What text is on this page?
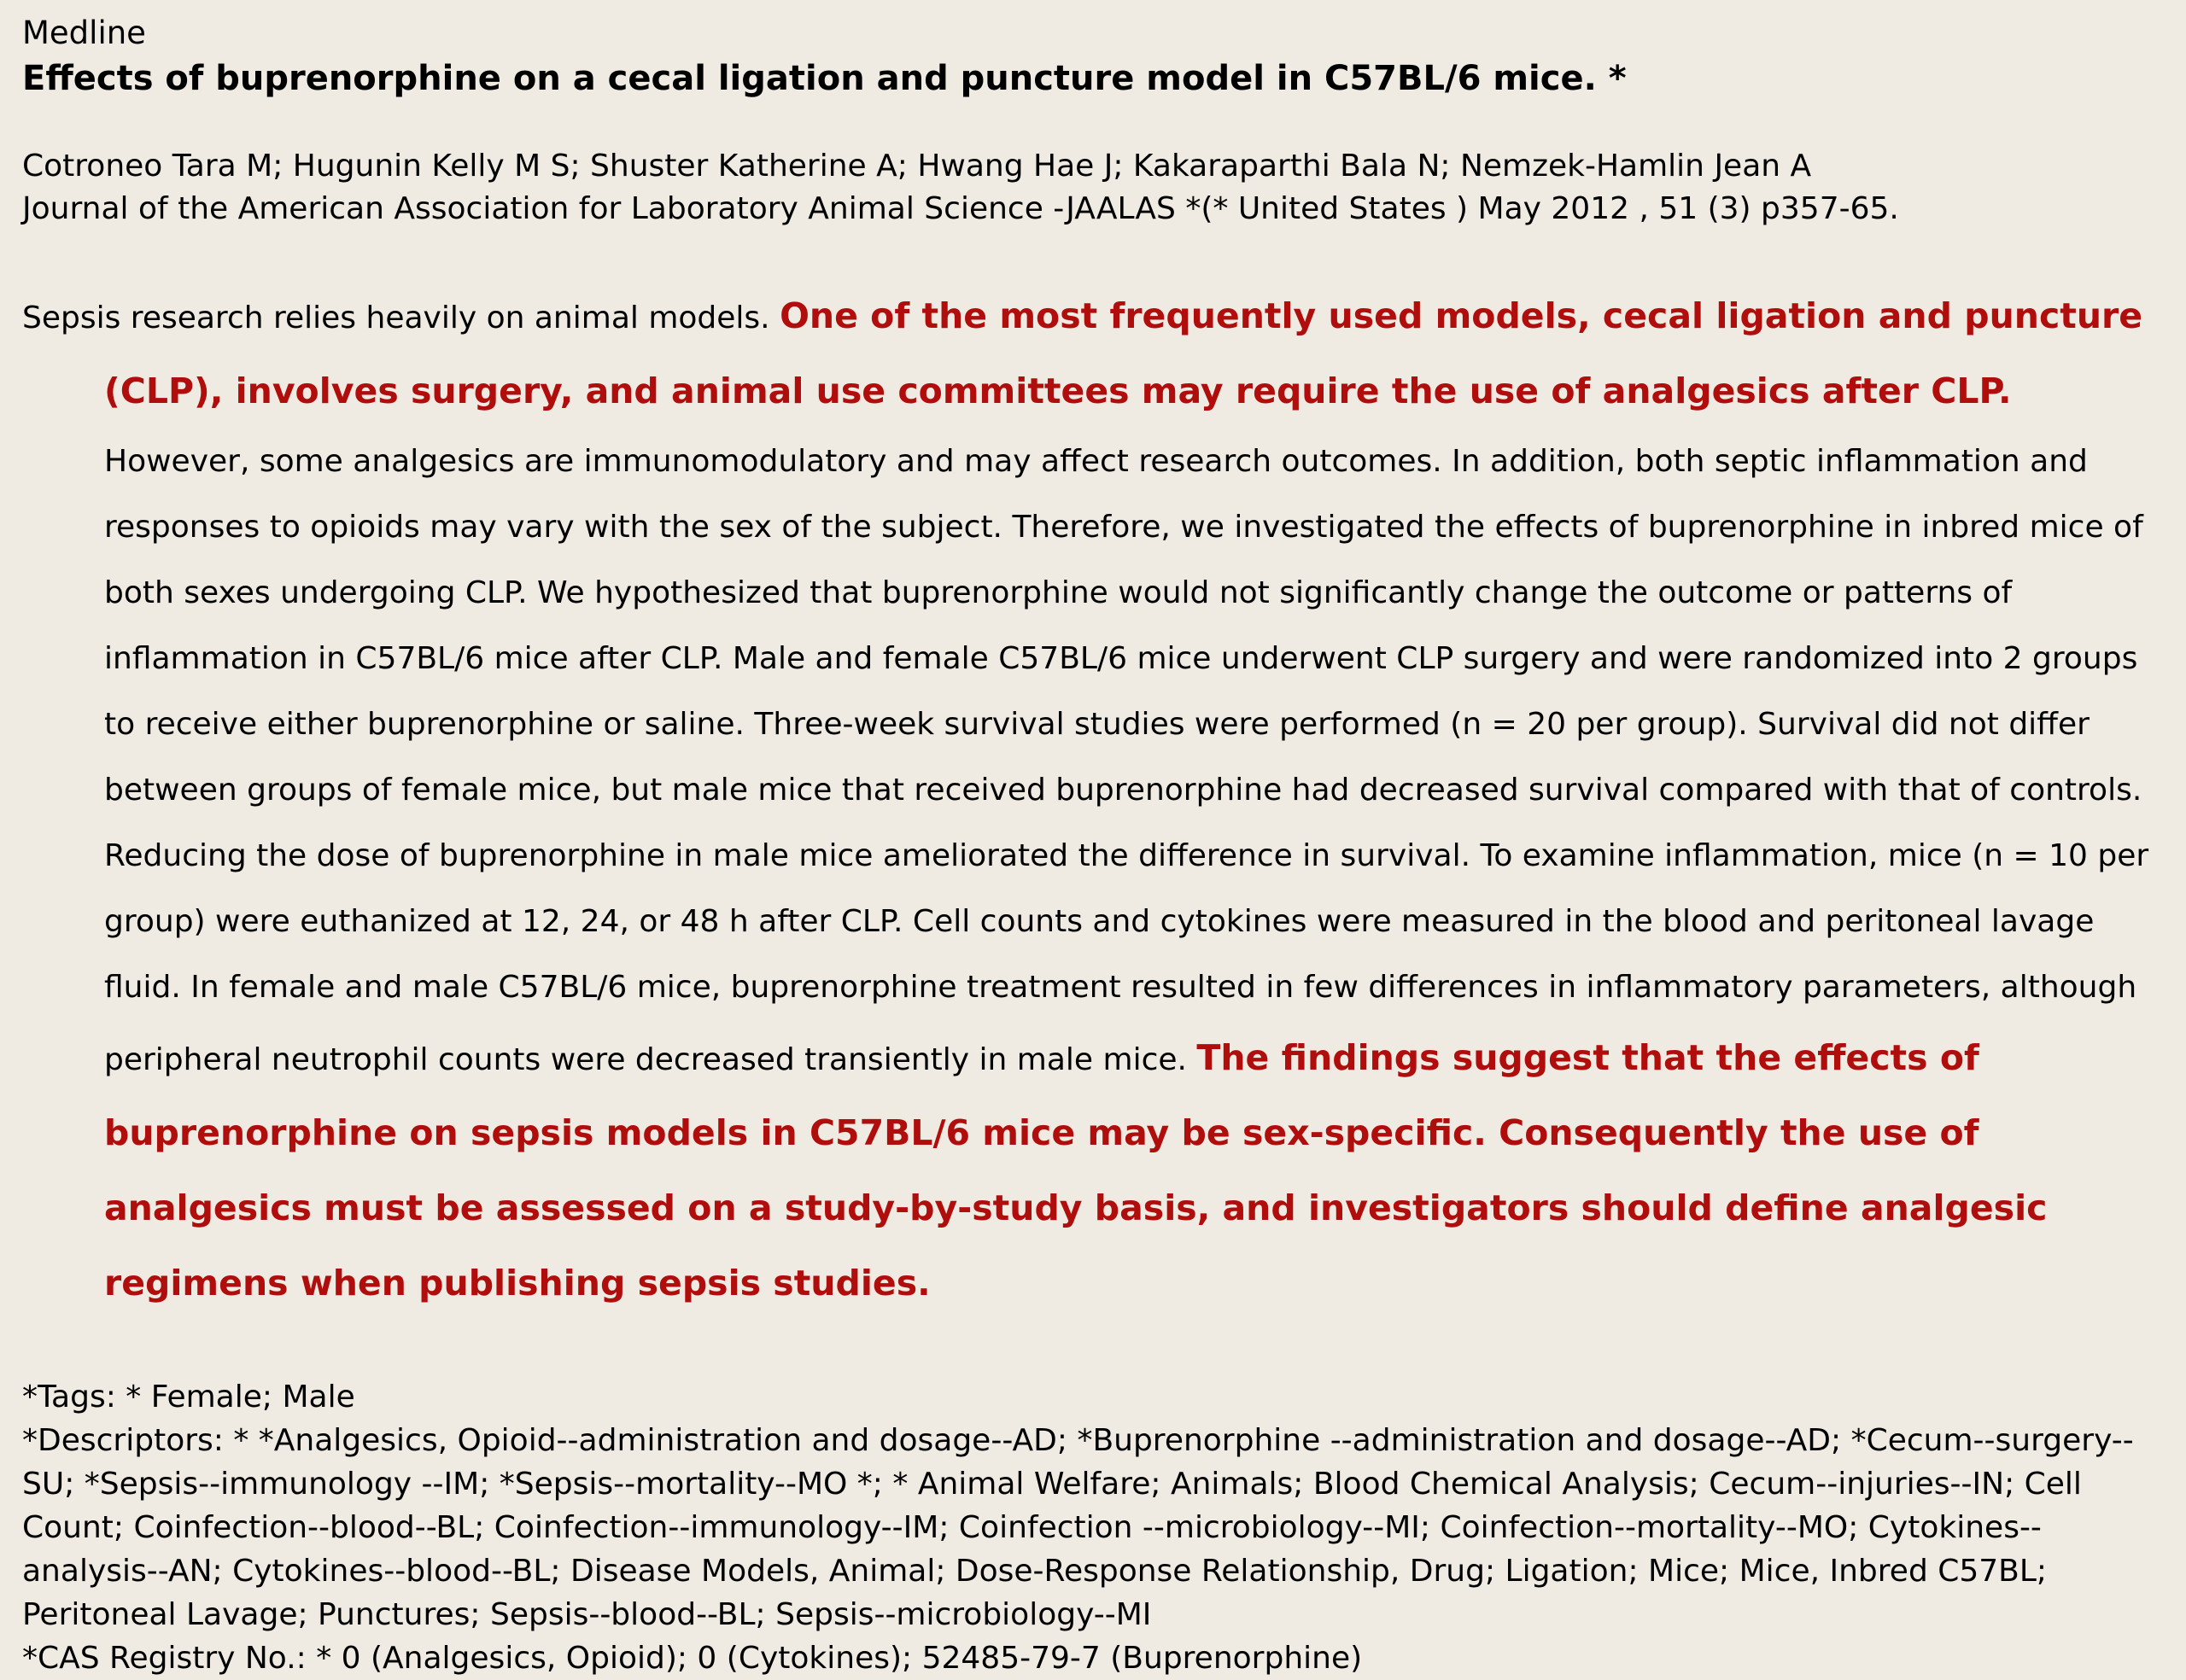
Medline
Effects of buprenorphine on a cecal ligation and puncture model in C57BL/6 mice. *
Cotroneo Tara M; Hugunin Kelly M S; Shuster Katherine A; Hwang Hae J; Kakaraparthi Bala N; Nemzek-Hamlin Jean A
Journal of the American Association for Laboratory Animal Science -JAALAS *(* United States ) May 2012 , 51 (3) p357-65.
Sepsis research relies heavily on animal models. One of the most frequently used models, cecal ligation and puncture (CLP), involves surgery, and animal use committees may require the use of analgesics after CLP. However, some analgesics are immunomodulatory and may affect research outcomes. In addition, both septic inflammation and responses to opioids may vary with the sex of the subject. Therefore, we investigated the effects of buprenorphine in inbred mice of both sexes undergoing CLP. We hypothesized that buprenorphine would not significantly change the outcome or patterns of inflammation in C57BL/6 mice after CLP. Male and female C57BL/6 mice underwent CLP surgery and were randomized into 2 groups to receive either buprenorphine or saline. Three-week survival studies were performed (n = 20 per group). Survival did not differ between groups of female mice, but male mice that received buprenorphine had decreased survival compared with that of controls. Reducing the dose of buprenorphine in male mice ameliorated the difference in survival. To examine inflammation, mice (n = 10 per group) were euthanized at 12, 24, or 48 h after CLP. Cell counts and cytokines were measured in the blood and peritoneal lavage fluid. In female and male C57BL/6 mice, buprenorphine treatment resulted in few differences in inflammatory parameters, although peripheral neutrophil counts were decreased transiently in male mice. The findings suggest that the effects of buprenorphine on sepsis models in C57BL/6 mice may be sex-specific. Consequently the use of analgesics must be assessed on a study-by-study basis, and investigators should define analgesic regimens when publishing sepsis studies.
*Tags: * Female; Male
*Descriptors: * *Analgesics, Opioid--administration and dosage--AD; *Buprenorphine --administration and dosage--AD; *Cecum--surgery--SU; *Sepsis--immunology --IM; *Sepsis--mortality--MO *; * Animal Welfare; Animals; Blood Chemical Analysis; Cecum--injuries--IN; Cell Count; Coinfection--blood--BL; Coinfection--immunology--IM; Coinfection --microbiology--MI; Coinfection--mortality--MO; Cytokines--analysis--AN; Cytokines--blood--BL; Disease Models, Animal; Dose-Response Relationship, Drug; Ligation; Mice; Mice, Inbred C57BL; Peritoneal Lavage; Punctures; Sepsis--blood--BL; Sepsis--microbiology--MI
*CAS Registry No.: * 0 (Analgesics, Opioid); 0 (Cytokines); 52485-79-7 (Buprenorphine)
